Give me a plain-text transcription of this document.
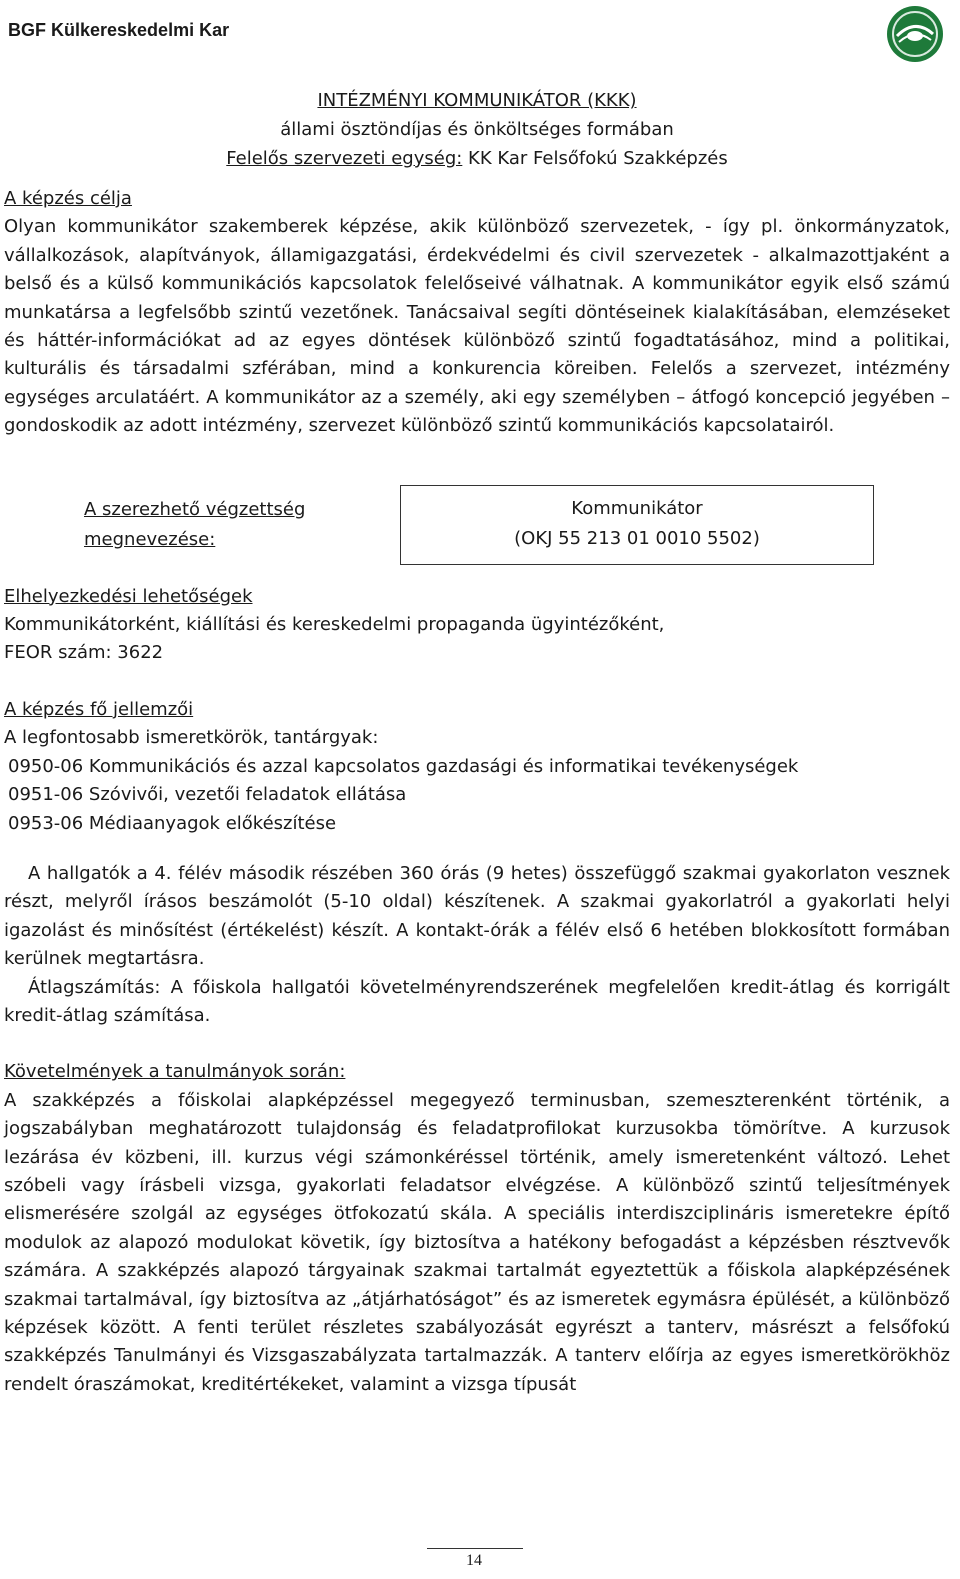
BGF Külkereskedelmi Kar
INTÉZMÉNYI KOMMUNIKÁTOR (KKK)
állami ösztöndíjas és önköltséges formában
Felelős szervezeti egység: KK Kar Felsőfokú Szakképzés
A képzés célja

Olyan kommunikátor szakemberek képzése, akik különböző szervezetek, - így pl. önkormányzatok, vállalkozások, alapítványok, államigazgatási, érdekvédelmi és civil szervezetek - alkalmazottjaként a belső és a külső kommunikációs kapcsolatok felelőseivé válhatnak. A kommunikátor egyik első számú munkatársa a legfelsőbb szintű vezetőnek. Tanácsaival segíti döntéseinek kialakításában, elemzéseket és háttér-információkat ad az egyes döntések különböző szintű fogadtatásához, mind a politikai, kulturális és társadalmi szférában, mind a konkurencia köreiben. Felelős a szervezet, intézmény egységes arculatáért. A kommunikátor az a személy, aki egy személyben – átfogó koncepció jegyében – gondoskodik az adott intézmény, szervezet különböző szintű kommunikációs kapcsolatairól.

A szerezhető végzettség
megnevezése:
Kommunikátor
(OKJ 55 213 01 0010 5502)
Elhelyezkedési lehetőségek
Kommunikátorként, kiállítási és kereskedelmi propaganda ügyintézőként,
FEOR szám: 3622
A képzés fő jellemzői
A legfontosabb ismeretkörök, tantárgyak:
0950-06 Kommunikációs és azzal kapcsolatos gazdasági és informatikai tevékenységek
0951-06 Szóvivői, vezetői feladatok ellátása
0953-06 Médiaanyagok előkészítése

A hallgatók a 4. félév második részében 360 órás (9 hetes) összefüggő szakmai gyakorlaton vesznek részt, melyről írásos beszámolót (5-10 oldal) készítenek. A szakmai gyakorlatról a gyakorlati helyi igazolást és minősítést (értékelést) készít. A kontakt-órák a félév első 6 hetében blokkosított formában kerülnek megtartásra.

Átlagszámítás: A főiskola hallgatói követelményrendszerének megfelelően kredit-átlag és korrigált kredit-átlag számítása.

Követelmények a tanulmányok során:

A szakképzés a főiskolai alapképzéssel megegyező terminusban, szemeszterenként történik, a jogszabályban meghatározott tulajdonság és feladatprofilokat kurzusokba tömörítve. A kurzusok lezárása év közbeni, ill. kurzus végi számonkéréssel történik, amely ismeretenként változó. Lehet szóbeli vagy írásbeli vizsga, gyakorlati feladatsor elvégzése. A különböző szintű teljesítmények elismerésére szolgál az egységes ötfokozatú skála. A speciális interdiszciplináris ismeretekre építő modulok az alapozó modulokat követik, így biztosítva a hatékony befogadást a képzésben résztvevők számára. A szakképzés alapozó tárgyainak szakmai tartalmát egyeztettük a főiskola alapképzésének szakmai tartalmával, így biztosítva az „átjárhatóságot” és az ismeretek egymásra épülését, a különböző képzések között. A fenti terület részletes szabályozását egyrészt a tanterv, másrészt a felsőfokú szakképzés Tanulmányi és Vizsgaszabályzata tartalmazzák. A tanterv előírja az egyes ismeretkörökhöz rendelt óraszámokat, kreditértékeket, valamint a vizsga típusát

14
